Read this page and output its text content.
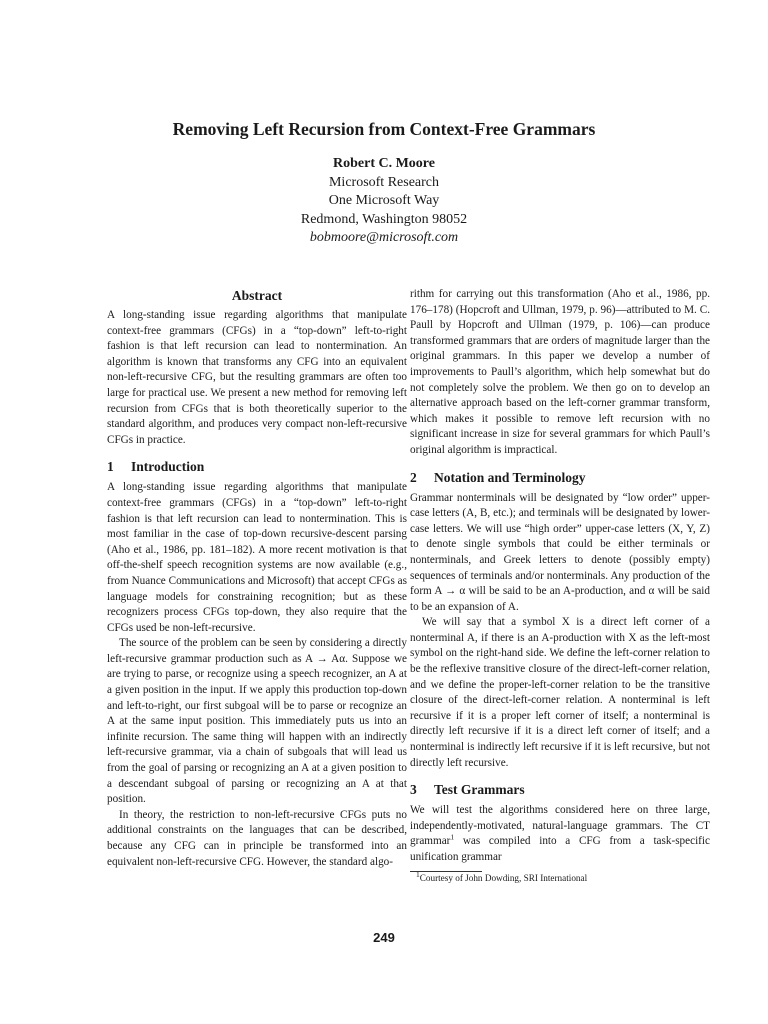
Removing Left Recursion from Context-Free Grammars
Robert C. Moore
Microsoft Research
One Microsoft Way
Redmond, Washington 98052
bobmoore@microsoft.com
Abstract

A long-standing issue regarding algorithms that manipulate context-free grammars (CFGs) in a “top-down” left-to-right fashion is that left recursion can lead to nontermination. An algorithm is known that transforms any CFG into an equivalent non-left-recursive CFG, but the resulting grammars are often too large for practical use. We present a new method for removing left recursion from CFGs that is both theoretically superior to the standard algorithm, and produces very compact non-left-recursive CFGs in practice.

1 Introduction

A long-standing issue regarding algorithms that manipulate context-free grammars (CFGs) in a “top-down” left-to-right fashion is that left recursion can lead to nontermination. This is most familiar in the case of top-down recursive-descent parsing (Aho et al., 1986, pp. 181–182). A more recent motivation is that off-the-shelf speech recognition systems are now available (e.g., from Nuance Communications and Microsoft) that accept CFGs as language models for constraining recognition; but as these recognizers process CFGs top-down, they also require that the CFGs used be non-left-recursive.

The source of the problem can be seen by considering a directly left-recursive grammar production such as A → Aα. Suppose we are trying to parse, or recognize using a speech recognizer, an A at a given position in the input. If we apply this production top-down and left-to-right, our first subgoal will be to parse or recognize an A at the same input position. This immediately puts us into an infinite recursion. The same thing will happen with an indirectly left-recursive grammar, via a chain of subgoals that will lead us from the goal of parsing or recognizing an A at a given position to a descendant subgoal of parsing or recognizing an A at that position.

In theory, the restriction to non-left-recursive CFGs puts no additional constraints on the languages that can be described, because any CFG can in principle be transformed into an equivalent non-left-recursive CFG. However, the standard algo-

rithm for carrying out this transformation (Aho et al., 1986, pp. 176–178) (Hopcroft and Ullman, 1979, p. 96)—attributed to M. C. Paull by Hopcroft and Ullman (1979, p. 106)—can produce transformed grammars that are orders of magnitude larger than the original grammars. In this paper we develop a number of improvements to Paull’s algorithm, which help somewhat but do not completely solve the problem. We then go on to develop an alternative approach based on the left-corner grammar transform, which makes it possible to remove left recursion with no significant increase in size for several grammars for which Paull’s original algorithm is impractical.

2 Notation and Terminology

Grammar nonterminals will be designated by “low order” upper-case letters (A, B, etc.); and terminals will be designated by lower-case letters. We will use “high order” upper-case letters (X, Y, Z) to denote single symbols that could be either terminals or nonterminals, and Greek letters to denote (possibly empty) sequences of terminals and/or nonterminals. Any production of the form A → α will be said to be an A-production, and α will be said to be an expansion of A.

We will say that a symbol X is a direct left corner of a nonterminal A, if there is an A-production with X as the left-most symbol on the right-hand side. We define the left-corner relation to be the reflexive transitive closure of the direct-left-corner relation, and we define the proper-left-corner relation to be the transitive closure of the direct-left-corner relation. A nonterminal is left recursive if it is a proper left corner of itself; a nonterminal is directly left recursive if it is a direct left corner of itself; and a nonterminal is indirectly left recursive if it is left recursive, but not directly left recursive.

3 Test Grammars

We will test the algorithms considered here on three large, independently-motivated, natural-language grammars. The CT grammar$^1$ was compiled into a CFG from a task-specific unification grammar

$^1$Courtesy of John Dowding, SRI International
249
